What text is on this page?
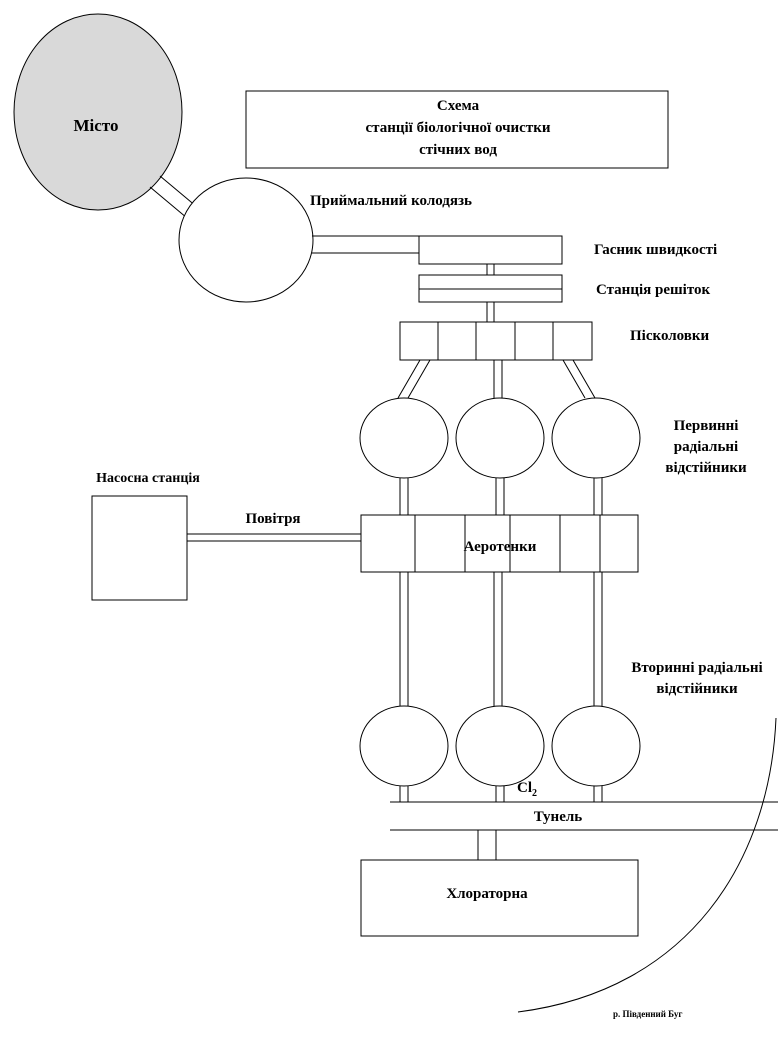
Місто
Схема
станції біологічної очистки
стічних вод
Приймальний колодязь
Гасник швидкості
Станція решіток
Пісколовки
Первинні
радіальні
відстійники
Насосна станція
Повітря
Аеротенки
Вторинні радіальні
відстійники
$Cl_2$
Тунель
Хлораторна
р. Південний Буг
